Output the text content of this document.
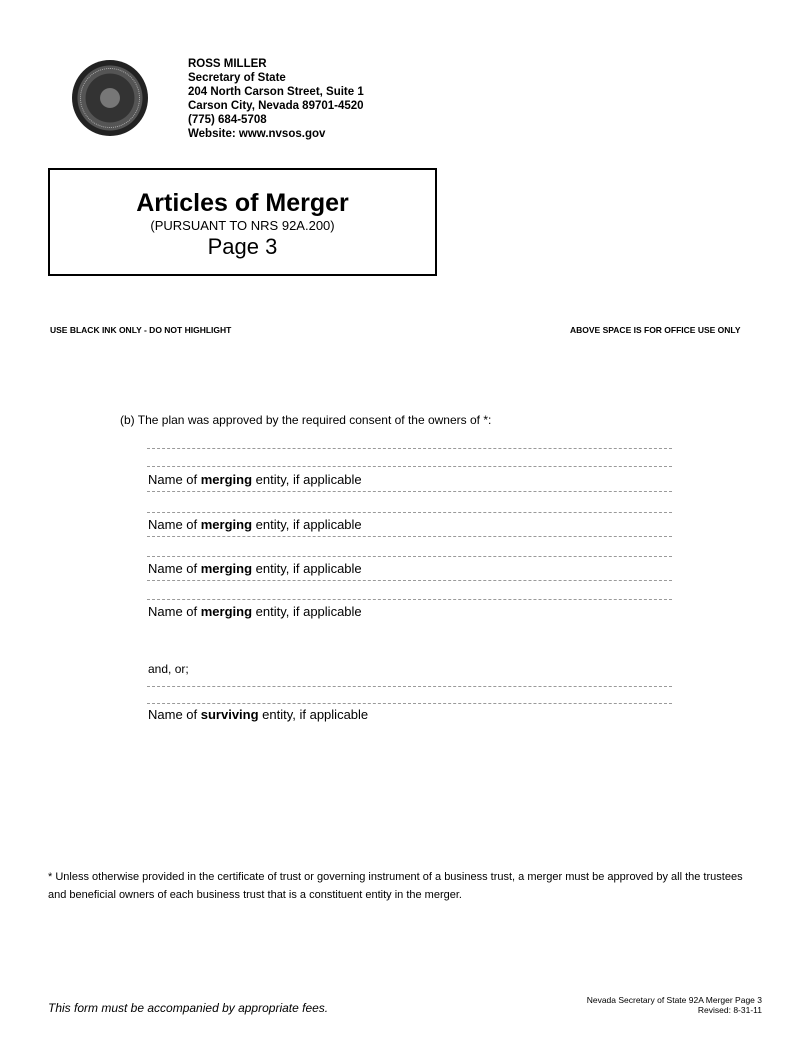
ROSS MILLER
Secretary of State
204 North Carson Street, Suite 1
Carson City, Nevada 89701-4520
(775) 684-5708
Website: www.nvsos.gov
Articles of Merger
(PURSUANT TO NRS 92A.200)
Page 3
USE BLACK INK ONLY - DO NOT HIGHLIGHT	ABOVE SPACE IS FOR OFFICE USE ONLY
(b) The plan was approved by the required consent of the owners of *:
Name of merging entity, if applicable
Name of merging entity, if applicable
Name of merging entity, if applicable
Name of merging entity, if applicable
and, or;
Name of surviving entity, if applicable
* Unless otherwise provided in the certificate of trust or governing instrument of a business trust, a merger must be approved by all the trustees and beneficial owners of each business trust that is a constituent entity in the merger.
This form must be accompanied by appropriate fees.
Nevada Secretary of State 92A Merger Page 3
Revised: 8-31-11
